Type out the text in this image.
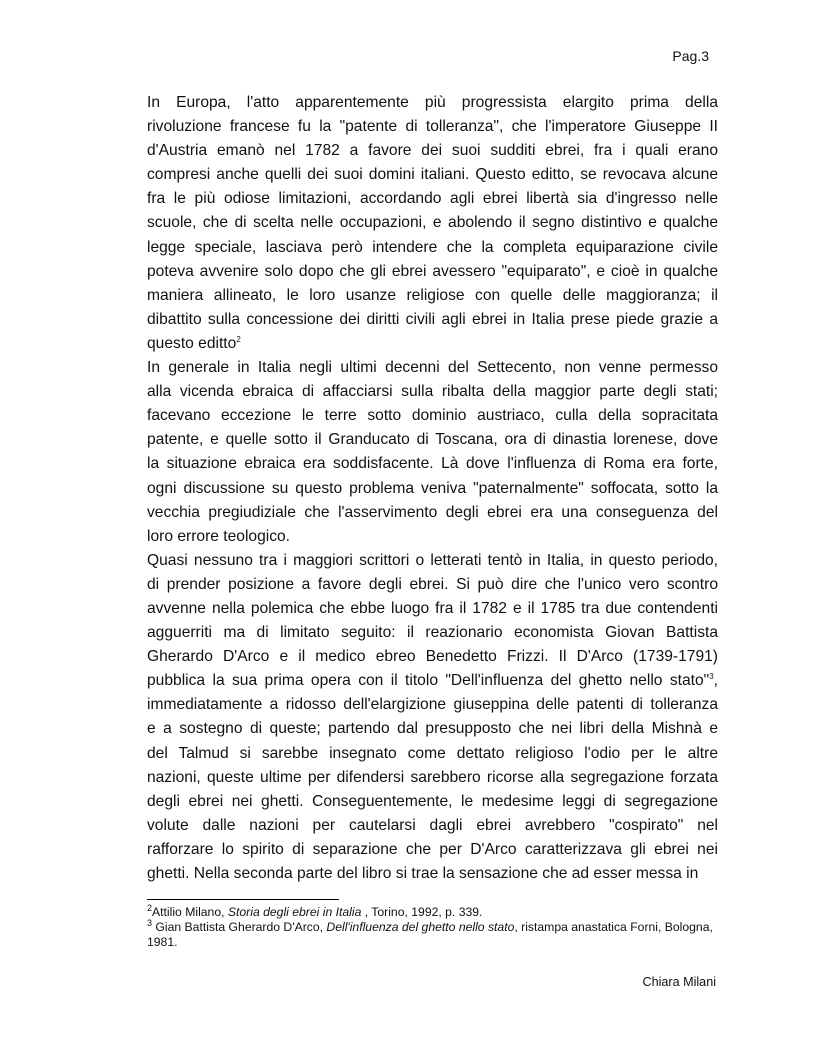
Pag.3

In Europa, l'atto apparentemente più progressista elargito prima della
rivoluzione francese fu la "patente di tolleranza", che l'imperatore Giuseppe II
d'Austria emanò nel 1782 a favore dei suoi sudditi ebrei, fra i quali erano
compresi anche quelli dei suoi domini italiani. Questo editto, se revocava alcune
fra le più odiose limitazioni, accordando agli ebrei libertà sia d'ingresso nelle
scuole, che di scelta nelle occupazioni, e abolendo il segno distintivo e qualche
legge speciale, lasciava però intendere che la completa equiparazione civile
poteva avvenire solo dopo che gli ebrei avessero "equiparato", e cioè in qualche
maniera allineato, le loro usanze religiose con quelle delle maggioranza; il
dibattito sulla concessione dei diritti civili agli ebrei in Italia prese piede grazie a
questo editto$^2$

In generale in Italia negli ultimi decenni del Settecento, non venne permesso
alla vicenda ebraica di affacciarsi sulla ribalta della maggior parte degli stati;
facevano eccezione le terre sotto dominio austriaco, culla della sopracitata
patente, e quelle sotto il Granducato di Toscana, ora di dinastia lorenese, dove
la situazione ebraica era soddisfacente. Là dove l'influenza di Roma era forte,
ogni discussione su questo problema veniva "paternalmente" soffocata, sotto la
vecchia pregiudiziale che l'asservimento degli ebrei era una conseguenza del
loro errore teologico.

Quasi nessuno tra i maggiori scrittori o letterati tentò in Italia, in questo periodo,
di prender posizione a favore degli ebrei. Si può dire che l'unico vero scontro
avvenne nella polemica che ebbe luogo fra il 1782 e il 1785 tra due contendenti
agguerriti ma di limitato seguito: il reazionario economista Giovan Battista
Gherardo D'Arco e il medico ebreo Benedetto Frizzi. Il D'Arco (1739-1791)
pubblica la sua prima opera con il titolo "Dell'influenza del ghetto nello stato"$^3$,
immediatamente a ridosso dell'elargizione giuseppina delle patenti di tolleranza
e a sostegno di queste; partendo dal presupposto che nei libri della Mishnà e
del Talmud si sarebbe insegnato come dettato religioso l'odio per le altre
nazioni, queste ultime per difendersi sarebbero ricorse alla segregazione forzata
degli ebrei nei ghetti. Conseguentemente, le medesime leggi di segregazione
volute dalle nazioni per cautelarsi dagli ebrei avrebbero "cospirato" nel
rafforzare lo spirito di separazione che per D'Arco caratterizzava gli ebrei nei
ghetti. Nella seconda parte del libro si trae la sensazione che ad esser messa in

$^2$Attilio Milano, Storia degli ebrei in Italia , Torino, 1992, p. 339.

$^3$ Gian Battista Gherardo D'Arco, Dell'influenza del ghetto nello stato, ristampa anastatica Forni, Bologna, 1981.

Chiara Milani
